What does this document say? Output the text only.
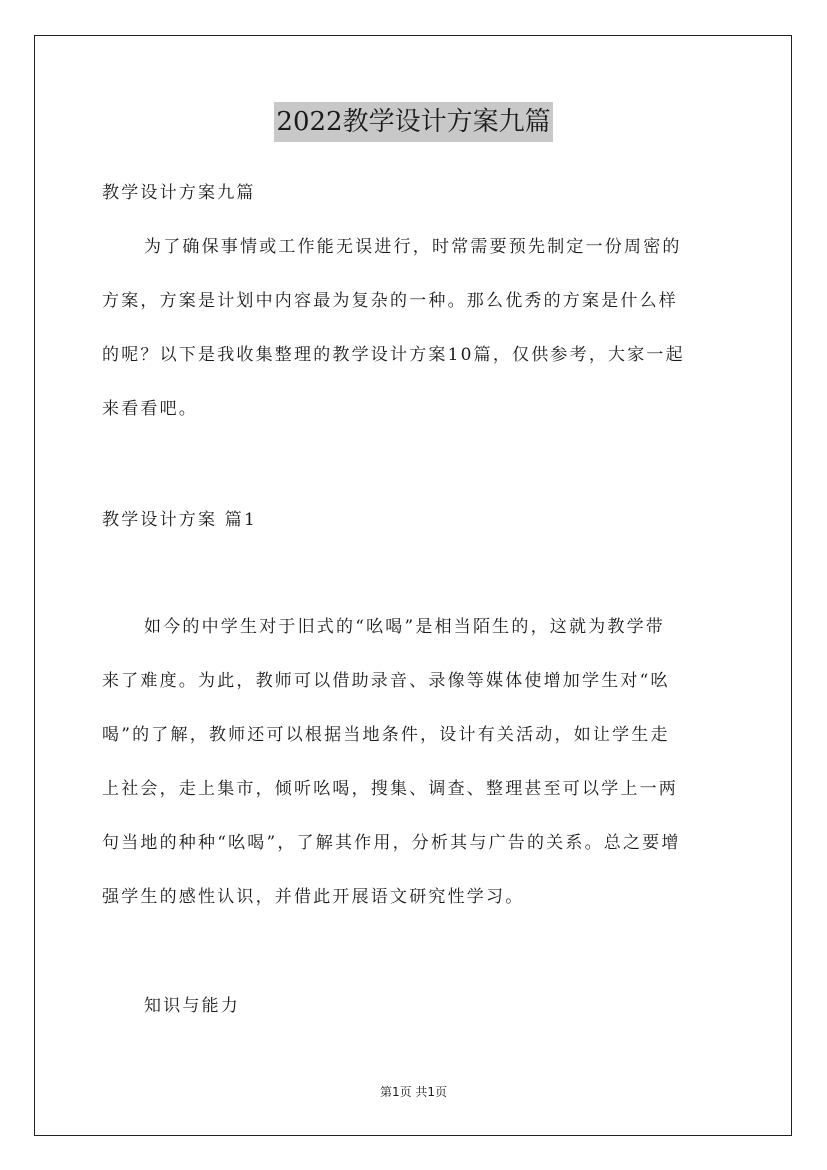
2022教学设计方案九篇
教学设计方案九篇
为了确保事情或工作能无误进行，时常需要预先制定一份周密的
方案，方案是计划中内容最为复杂的一种。那么优秀的方案是什么样
的呢？以下是我收集整理的教学设计方案10篇，仅供参考，大家一起
来看看吧。
教学设计方案 篇1
如今的中学生对于旧式的“吆喝”是相当陌生的，这就为教学带
来了难度。为此，教师可以借助录音、录像等媒体使增加学生对“吆
喝”的了解，教师还可以根据当地条件，设计有关活动，如让学生走
上社会，走上集市，倾听吆喝，搜集、调查、整理甚至可以学上一两
句当地的种种“吆喝”，了解其作用，分析其与广告的关系。总之要增
强学生的感性认识，并借此开展语文研究性学习。
知识与能力
第1页 共1页
